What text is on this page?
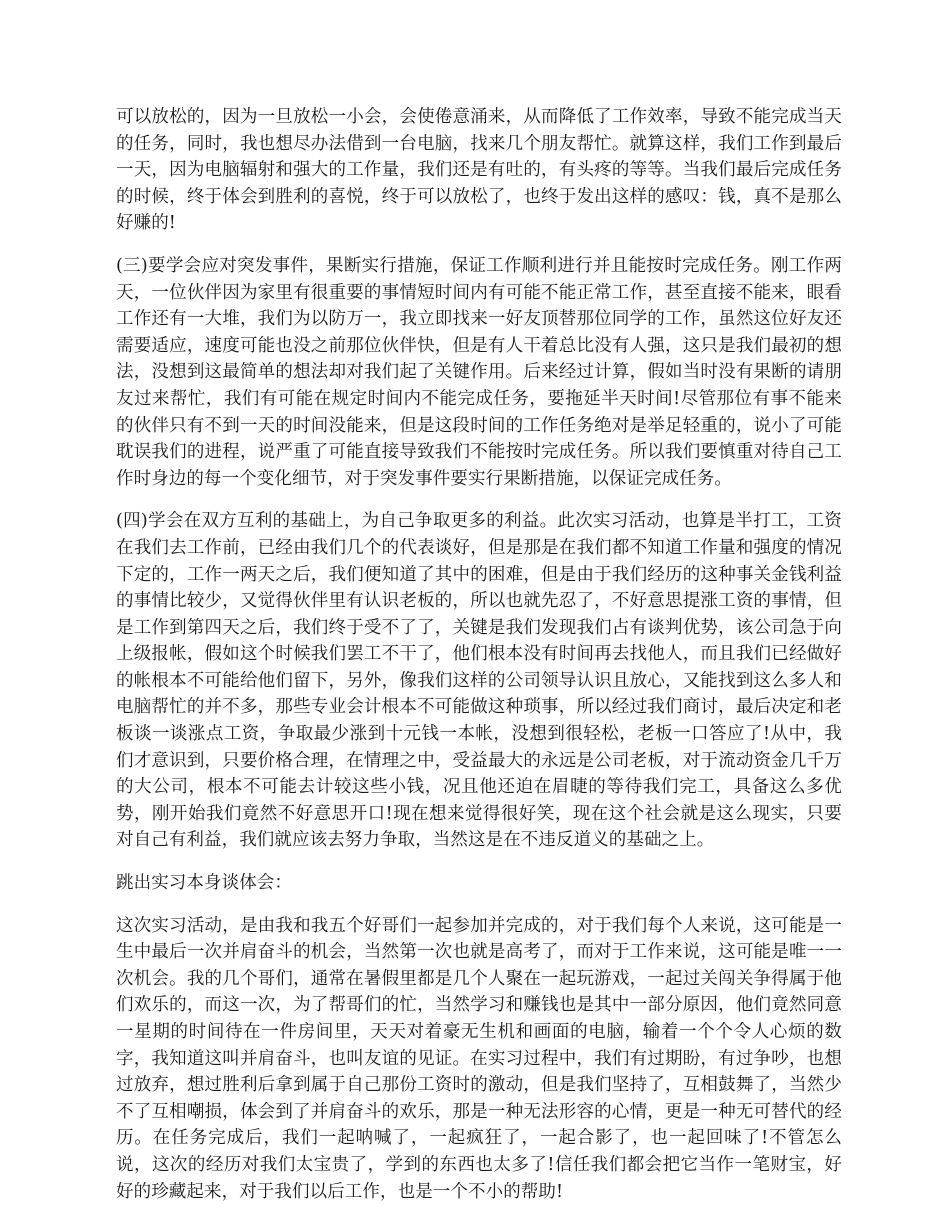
可以放松的，因为一旦放松一小会，会使倦意涌来，从而降低了工作效率，导致不能完成当天的任务，同时，我也想尽办法借到一台电脑，找来几个朋友帮忙。就算这样，我们工作到最后一天，因为电脑辐射和强大的工作量，我们还是有吐的，有头疼的等等。当我们最后完成任务的时候，终于体会到胜利的喜悦，终于可以放松了，也终于发出这样的感叹：钱，真不是那么好赚的!

(三)要学会应对突发事件，果断实行措施，保证工作顺利进行并且能按时完成任务。刚工作两天，一位伙伴因为家里有很重要的事情短时间内有可能不能正常工作，甚至直接不能来，眼看工作还有一大堆，我们为以防万一，我立即找来一好友顶替那位同学的工作，虽然这位好友还需要适应，速度可能也没之前那位伙伴快，但是有人干着总比没有人强，这只是我们最初的想法，没想到这最简单的想法却对我们起了关键作用。后来经过计算，假如当时没有果断的请朋友过来帮忙，我们有可能在规定时间内不能完成任务，要拖延半天时间!尽管那位有事不能来的伙伴只有不到一天的时间没能来，但是这段时间的工作任务绝对是举足轻重的，说小了可能耽误我们的进程，说严重了可能直接导致我们不能按时完成任务。所以我们要慎重对待自己工作时身边的每一个变化细节，对于突发事件要实行果断措施，以保证完成任务。

(四)学会在双方互利的基础上，为自己争取更多的利益。此次实习活动，也算是半打工，工资在我们去工作前，已经由我们几个的代表谈好，但是那是在我们都不知道工作量和强度的情况下定的，工作一两天之后，我们便知道了其中的困难，但是由于我们经历的这种事关金钱利益的事情比较少，又觉得伙伴里有认识老板的，所以也就先忍了，不好意思提涨工资的事情，但是工作到第四天之后，我们终于受不了了，关键是我们发现我们占有谈判优势，该公司急于向上级报帐，假如这个时候我们罢工不干了，他们根本没有时间再去找他人，而且我们已经做好的帐根本不可能给他们留下，另外，像我们这样的公司领导认识且放心，又能找到这么多人和电脑帮忙的并不多，那些专业会计根本不可能做这种琐事，所以经过我们商讨，最后决定和老板谈一谈涨点工资，争取最少涨到十元钱一本帐，没想到很轻松，老板一口答应了!从中，我们才意识到，只要价格合理，在情理之中，受益最大的永远是公司老板，对于流动资金几千万的大公司，根本不可能去计较这些小钱，况且他还迫在眉睫的等待我们完工，具备这么多优势，刚开始我们竟然不好意思开口!现在想来觉得很好笑，现在这个社会就是这么现实，只要对自己有利益，我们就应该去努力争取，当然这是在不违反道义的基础之上。

跳出实习本身谈体会：

这次实习活动，是由我和我五个好哥们一起参加并完成的，对于我们每个人来说，这可能是一生中最后一次并肩奋斗的机会，当然第一次也就是高考了，而对于工作来说，这可能是唯一一次机会。我的几个哥们，通常在暑假里都是几个人聚在一起玩游戏，一起过关闯关争得属于他们欢乐的，而这一次，为了帮哥们的忙，当然学习和赚钱也是其中一部分原因，他们竟然同意一星期的时间待在一件房间里，天天对着豪无生机和画面的电脑，输着一个个令人心烦的数字，我知道这叫并肩奋斗，也叫友谊的见证。在实习过程中，我们有过期盼，有过争吵，也想过放弃，想过胜利后拿到属于自己那份工资时的激动，但是我们坚持了，互相鼓舞了，当然少不了互相嘲损，体会到了并肩奋斗的欢乐，那是一种无法形容的心情，更是一种无可替代的经历。在任务完成后，我们一起呐喊了，一起疯狂了，一起合影了，也一起回味了!不管怎么说，这次的经历对我们太宝贵了，学到的东西也太多了!信任我们都会把它当作一笔财宝，好好的珍藏起来，对于我们以后工作，也是一个不小的帮助!
